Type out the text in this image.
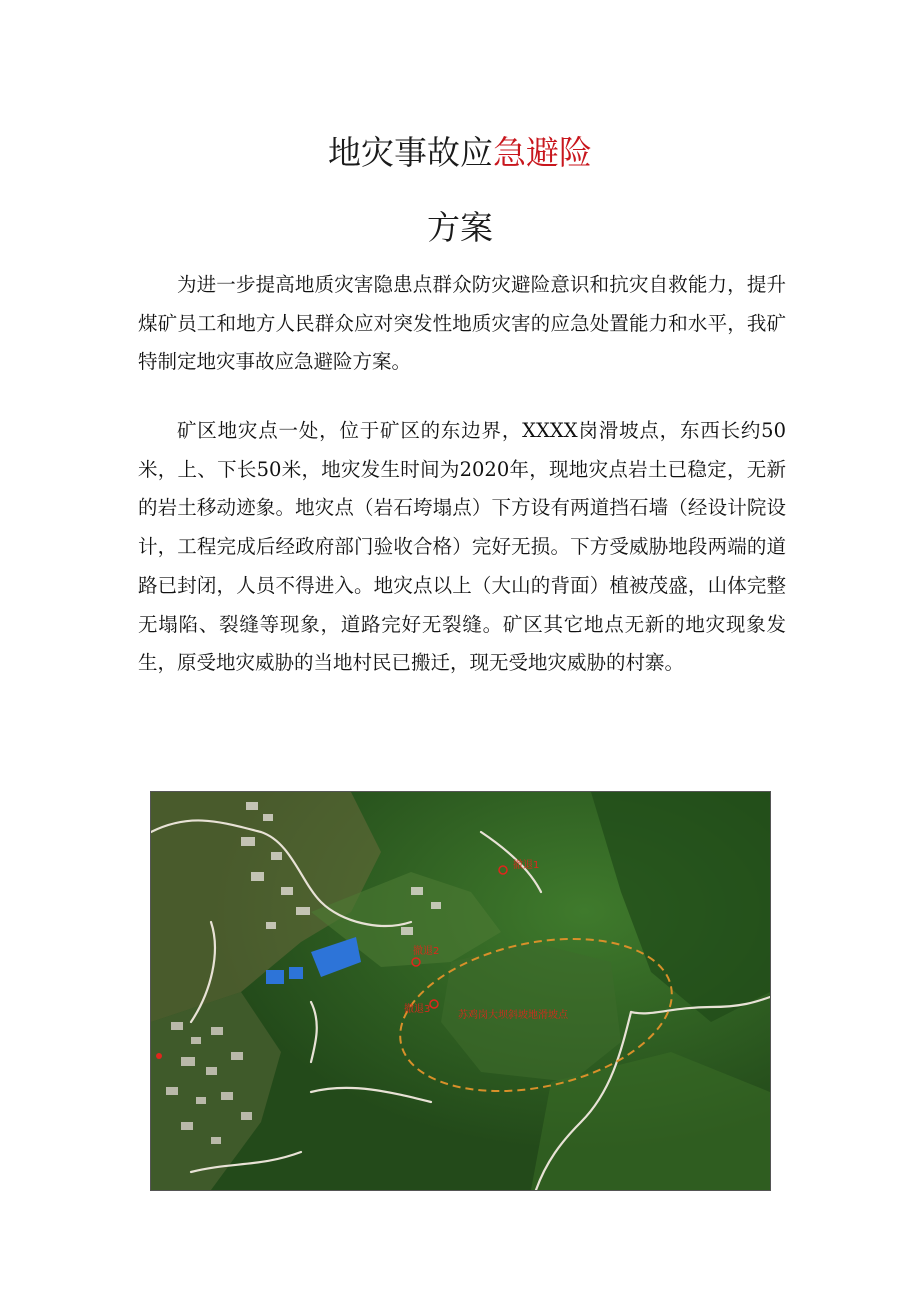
地灾事故应急避险
方案

为进一步提高地质灾害隐患点群众防灾避险意识和抗灾自救能力，提升煤矿员工和地方人民群众应对突发性地质灾害的应急处置能力和水平，我矿特制定地灾事故应急避险方案。

矿区地灾点一处，位于矿区的东边界，XXXX岗滑坡点，东西长约50米，上、下长50米，地灾发生时间为2020年，现地灾点岩土已稳定，无新的岩土移动迹象。地灾点（岩石垮塌点）下方设有两道挡石墙（经设计院设计，工程完成后经政府部门验收合格）完好无损。下方受威胁地段两端的道路已封闭，人员不得进入。地灾点以上（大山的背面）植被茂盛，山体完整无塌陷、裂缝等现象，道路完好无裂缝。矿区其它地点无新的地灾现象发生，原受地灾威胁的当地村民已搬迁，现无受地灾威胁的村寨。

撤退1
撤退2
撤退3
苏鸡岗大坝斜坡地滑坡点
